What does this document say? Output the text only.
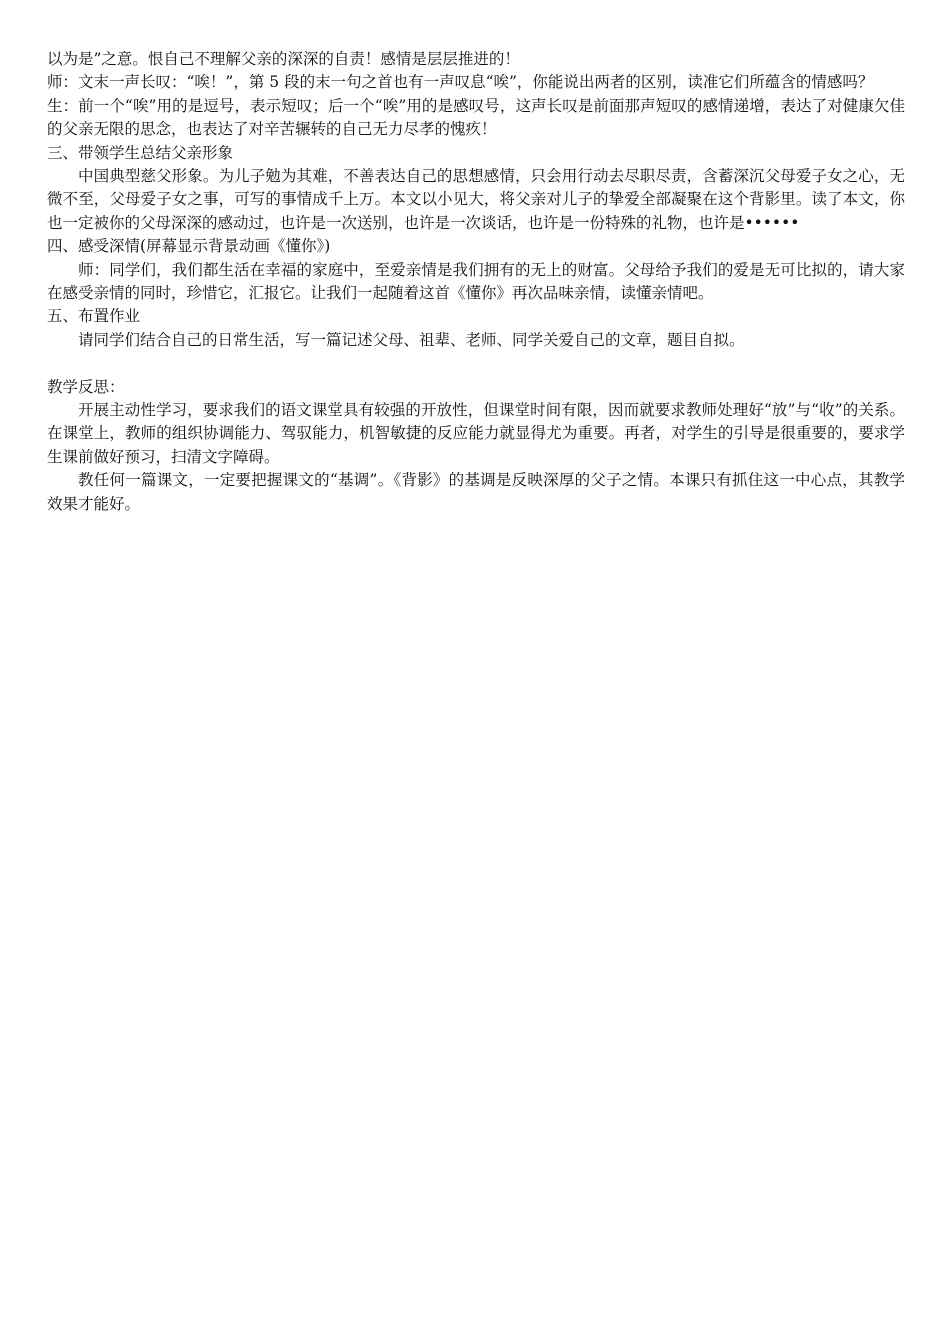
以为是”之意。恨自己不理解父亲的深深的自责！感情是层层推进的！

师：文末一声长叹：“唉！”，第 5 段的末一句之首也有一声叹息“唉”，你能说出两者的区别，读准它们所蕴含的情感吗？

生：前一个“唉”用的是逗号，表示短叹；后一个“唉”用的是感叹号，这声长叹是前面那声短叹的感情递增，表达了对健康欠佳的父亲无限的思念，也表达了对辛苦辗转的自己无力尽孝的愧疚！

三、带领学生总结父亲形象

中国典型慈父形象。为儿子勉为其难，不善表达自己的思想感情，只会用行动去尽职尽责，含蓄深沉父母爱子女之心，无微不至，父母爱子女之事，可写的事情成千上万。本文以小见大，将父亲对儿子的挚爱全部凝聚在这个背影里。读了本文，你也一定被你的父母深深的感动过，也许是一次送别，也许是一次谈话，也许是一份特殊的礼物，也许是••••••

四、感受深情(屏幕显示背景动画《懂你》)

师：同学们，我们都生活在幸福的家庭中，至爱亲情是我们拥有的无上的财富。父母给予我们的爱是无可比拟的，请大家在感受亲情的同时，珍惜它，汇报它。让我们一起随着这首《懂你》再次品味亲情，读懂亲情吧。

五、布置作业

请同学们结合自己的日常生活，写一篇记述父母、祖辈、老师、同学关爱自己的文章，题目自拟。

教学反思：

开展主动性学习，要求我们的语文课堂具有较强的开放性，但课堂时间有限，因而就要求教师处理好“放”与“收”的关系。在课堂上，教师的组织协调能力、驾驭能力，机智敏捷的反应能力就显得尤为重要。再者，对学生的引导是很重要的，要求学生课前做好预习，扫清文字障碍。

教任何一篇课文，一定要把握课文的“基调”。《背影》的基调是反映深厚的父子之情。本课只有抓住这一中心点，其教学效果才能好。
